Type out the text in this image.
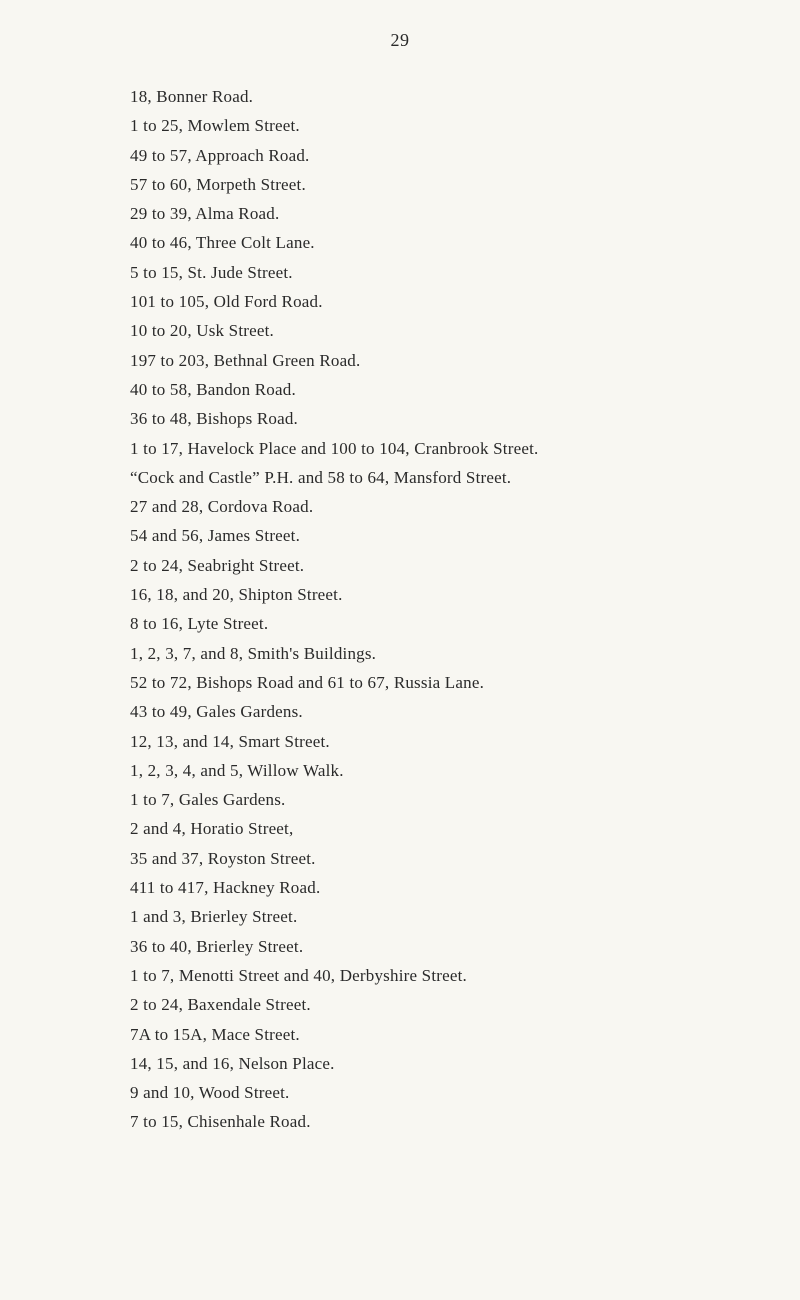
29
18, Bonner Road.
1 to 25, Mowlem Street.
49 to 57, Approach Road.
57 to 60, Morpeth Street.
29 to 39, Alma Road.
40 to 46, Three Colt Lane.
5 to 15, St. Jude Street.
101 to 105, Old Ford Road.
10 to 20, Usk Street.
197 to 203, Bethnal Green Road.
40 to 58, Bandon Road.
36 to 48, Bishops Road.
1 to 17, Havelock Place and 100 to 104, Cranbrook Street.
“Cock and Castle” P.H. and 58 to 64, Mansford Street.
27 and 28, Cordova Road.
54 and 56, James Street.
2 to 24, Seabright Street.
16, 18, and 20, Shipton Street.
8 to 16, Lyte Street.
1, 2, 3, 7, and 8, Smith's Buildings.
52 to 72, Bishops Road and 61 to 67, Russia Lane.
43 to 49, Gales Gardens.
12, 13, and 14, Smart Street.
1, 2, 3, 4, and 5, Willow Walk.
1 to 7, Gales Gardens.
2 and 4, Horatio Street,
35 and 37, Royston Street.
411 to 417, Hackney Road.
1 and 3, Brierley Street.
36 to 40, Brierley Street.
1 to 7, Menotti Street and 40, Derbyshire Street.
2 to 24, Baxendale Street.
7A to 15A, Mace Street.
14, 15, and 16, Nelson Place.
9 and 10, Wood Street.
7 to 15, Chisenhale Road.
